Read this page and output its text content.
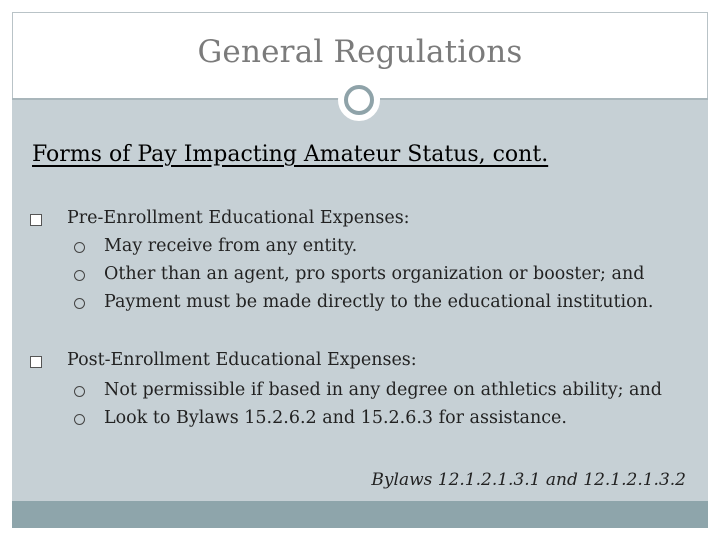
General Regulations
Forms of Pay Impacting Amateur Status, cont.
Pre-Enrollment Educational Expenses:
May receive from any entity.
Other than an agent, pro sports organization or booster; and
Payment must be made directly to the educational institution.
Post-Enrollment Educational Expenses:
Not permissible if based in any degree on athletics ability; and
Look to Bylaws 15.2.6.2 and 15.2.6.3 for assistance.
Bylaws 12.1.2.1.3.1 and 12.1.2.1.3.2
